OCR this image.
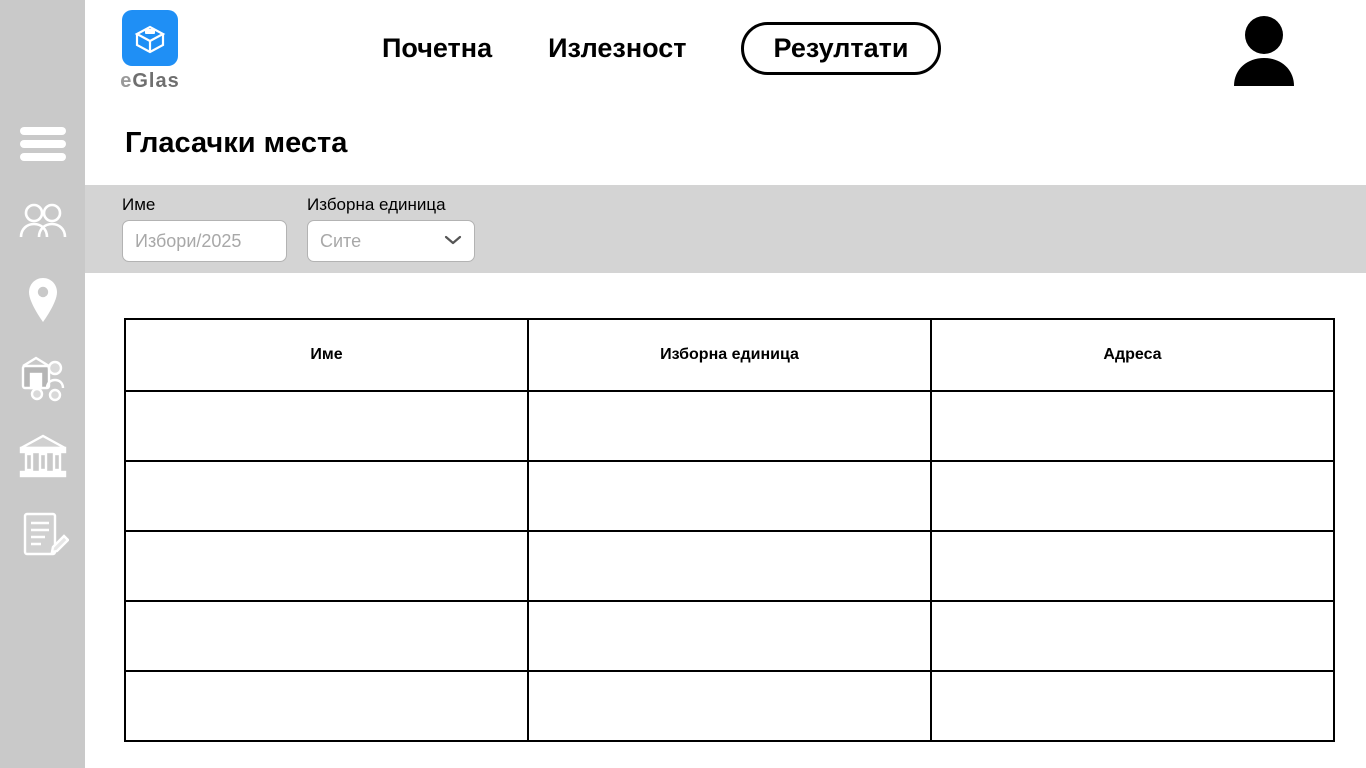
eGlas
Почетна Излезност	Резултати
Гласачки места
Име
Избори/2025	Изборна единица
Сите
Име	Изборна единица	Адреса
